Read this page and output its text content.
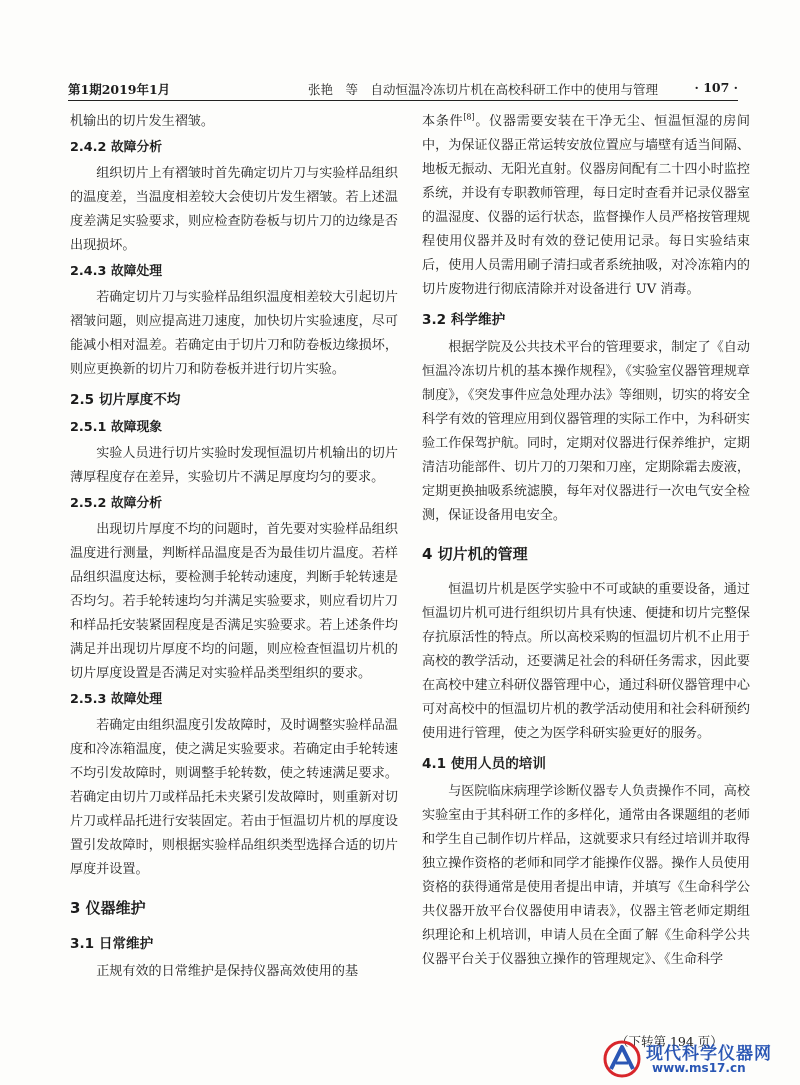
第1期2019年1月	张艳　等　自动恒温冷冻切片机在高校科研工作中的使用与管理	· 107 ·

机输出的切片发生褶皱。

2.4.2 故障分析

组织切片上有褶皱时首先确定切片刀与实验样品组织的温度差，当温度相差较大会使切片发生褶皱。若上述温度差满足实验要求，则应检查防卷板与切片刀的边缘是否出现损坏。

2.4.3 故障处理

若确定切片刀与实验样品组织温度相差较大引起切片褶皱问题，则应提高进刀速度，加快切片实验速度，尽可能减小相对温差。若确定由于切片刀和防卷板边缘损坏，则应更换新的切片刀和防卷板并进行切片实验。

2.5 切片厚度不均
2.5.1 故障现象

实验人员进行切片实验时发现恒温切片机输出的切片薄厚程度存在差异，实验切片不满足厚度均匀的要求。

2.5.2 故障分析

出现切片厚度不均的问题时，首先要对实验样品组织温度进行测量，判断样品温度是否为最佳切片温度。若样品组织温度达标，要检测手轮转动速度，判断手轮转速是否均匀。若手轮转速均匀并满足实验要求，则应看切片刀和样品托安装紧固程度是否满足实验要求。若上述条件均满足并出现切片厚度不均的问题，则应检查恒温切片机的切片厚度设置是否满足对实验样品类型组织的要求。

2.5.3 故障处理

若确定由组织温度引发故障时，及时调整实验样品温度和冷冻箱温度，使之满足实验要求。若确定由手轮转速不均引发故障时，则调整手轮转数，使之转速满足要求。若确定由切片刀或样品托未夹紧引发故障时，则重新对切片刀或样品托进行安装固定。若由于恒温切片机的厚度设置引发故障时，则根据实验样品组织类型选择合适的切片厚度并设置。

3 仪器维护
3.1 日常维护

正规有效的日常维护是保持仪器高效使用的基

本条件[8]。仪器需要安装在干净无尘、恒温恒湿的房间中，为保证仪器正常运转安放位置应与墙壁有适当间隔、地板无振动、无阳光直射。仪器房间配有二十四小时监控系统，并设有专职教师管理，每日定时查看并记录仪器室的温湿度、仪器的运行状态，监督操作人员严格按管理规程使用仪器并及时有效的登记使用记录。每日实验结束后，使用人员需用刷子清扫或者系统抽吸，对冷冻箱内的切片废物进行彻底清除并对设备进行 UV 消毒。

3.2 科学维护

根据学院及公共技术平台的管理要求，制定了《自动恒温冷冻切片机的基本操作规程》，《实验室仪器管理规章制度》，《突发事件应急处理办法》等细则，切实的将安全科学有效的管理应用到仪器管理的实际工作中，为科研实验工作保驾护航。同时，定期对仪器进行保养维护，定期清洁功能部件、切片刀的刀架和刀座，定期除霜去废液，定期更换抽吸系统滤膜，每年对仪器进行一次电气安全检测，保证设备用电安全。

4 切片机的管理

恒温切片机是医学实验中不可或缺的重要设备，通过恒温切片机可进行组织切片具有快速、便捷和切片完整保存抗原活性的特点。所以高校采购的恒温切片机不止用于高校的教学活动，还要满足社会的科研任务需求，因此要在高校中建立科研仪器管理中心，通过科研仪器管理中心可对高校中的恒温切片机的教学活动使用和社会科研预约使用进行管理，使之为医学科研实验更好的服务。

4.1 使用人员的培训

与医院临床病理学诊断仪器专人负责操作不同，高校实验室由于其科研工作的多样化，通常由各课题组的老师和学生自己制作切片样品，这就要求只有经过培训并取得独立操作资格的老师和同学才能操作仪器。操作人员使用资格的获得通常是使用者提出申请，并填写《生命科学公共仪器开放平台仪器使用申请表》，仪器主管老师定期组织理论和上机培训，申请人员在全面了解《生命科学公共仪器平台关于仪器独立操作的管理规定》、《生命科学

（下转第 194 页）
现代科学仪器网
www.ms17.cn
